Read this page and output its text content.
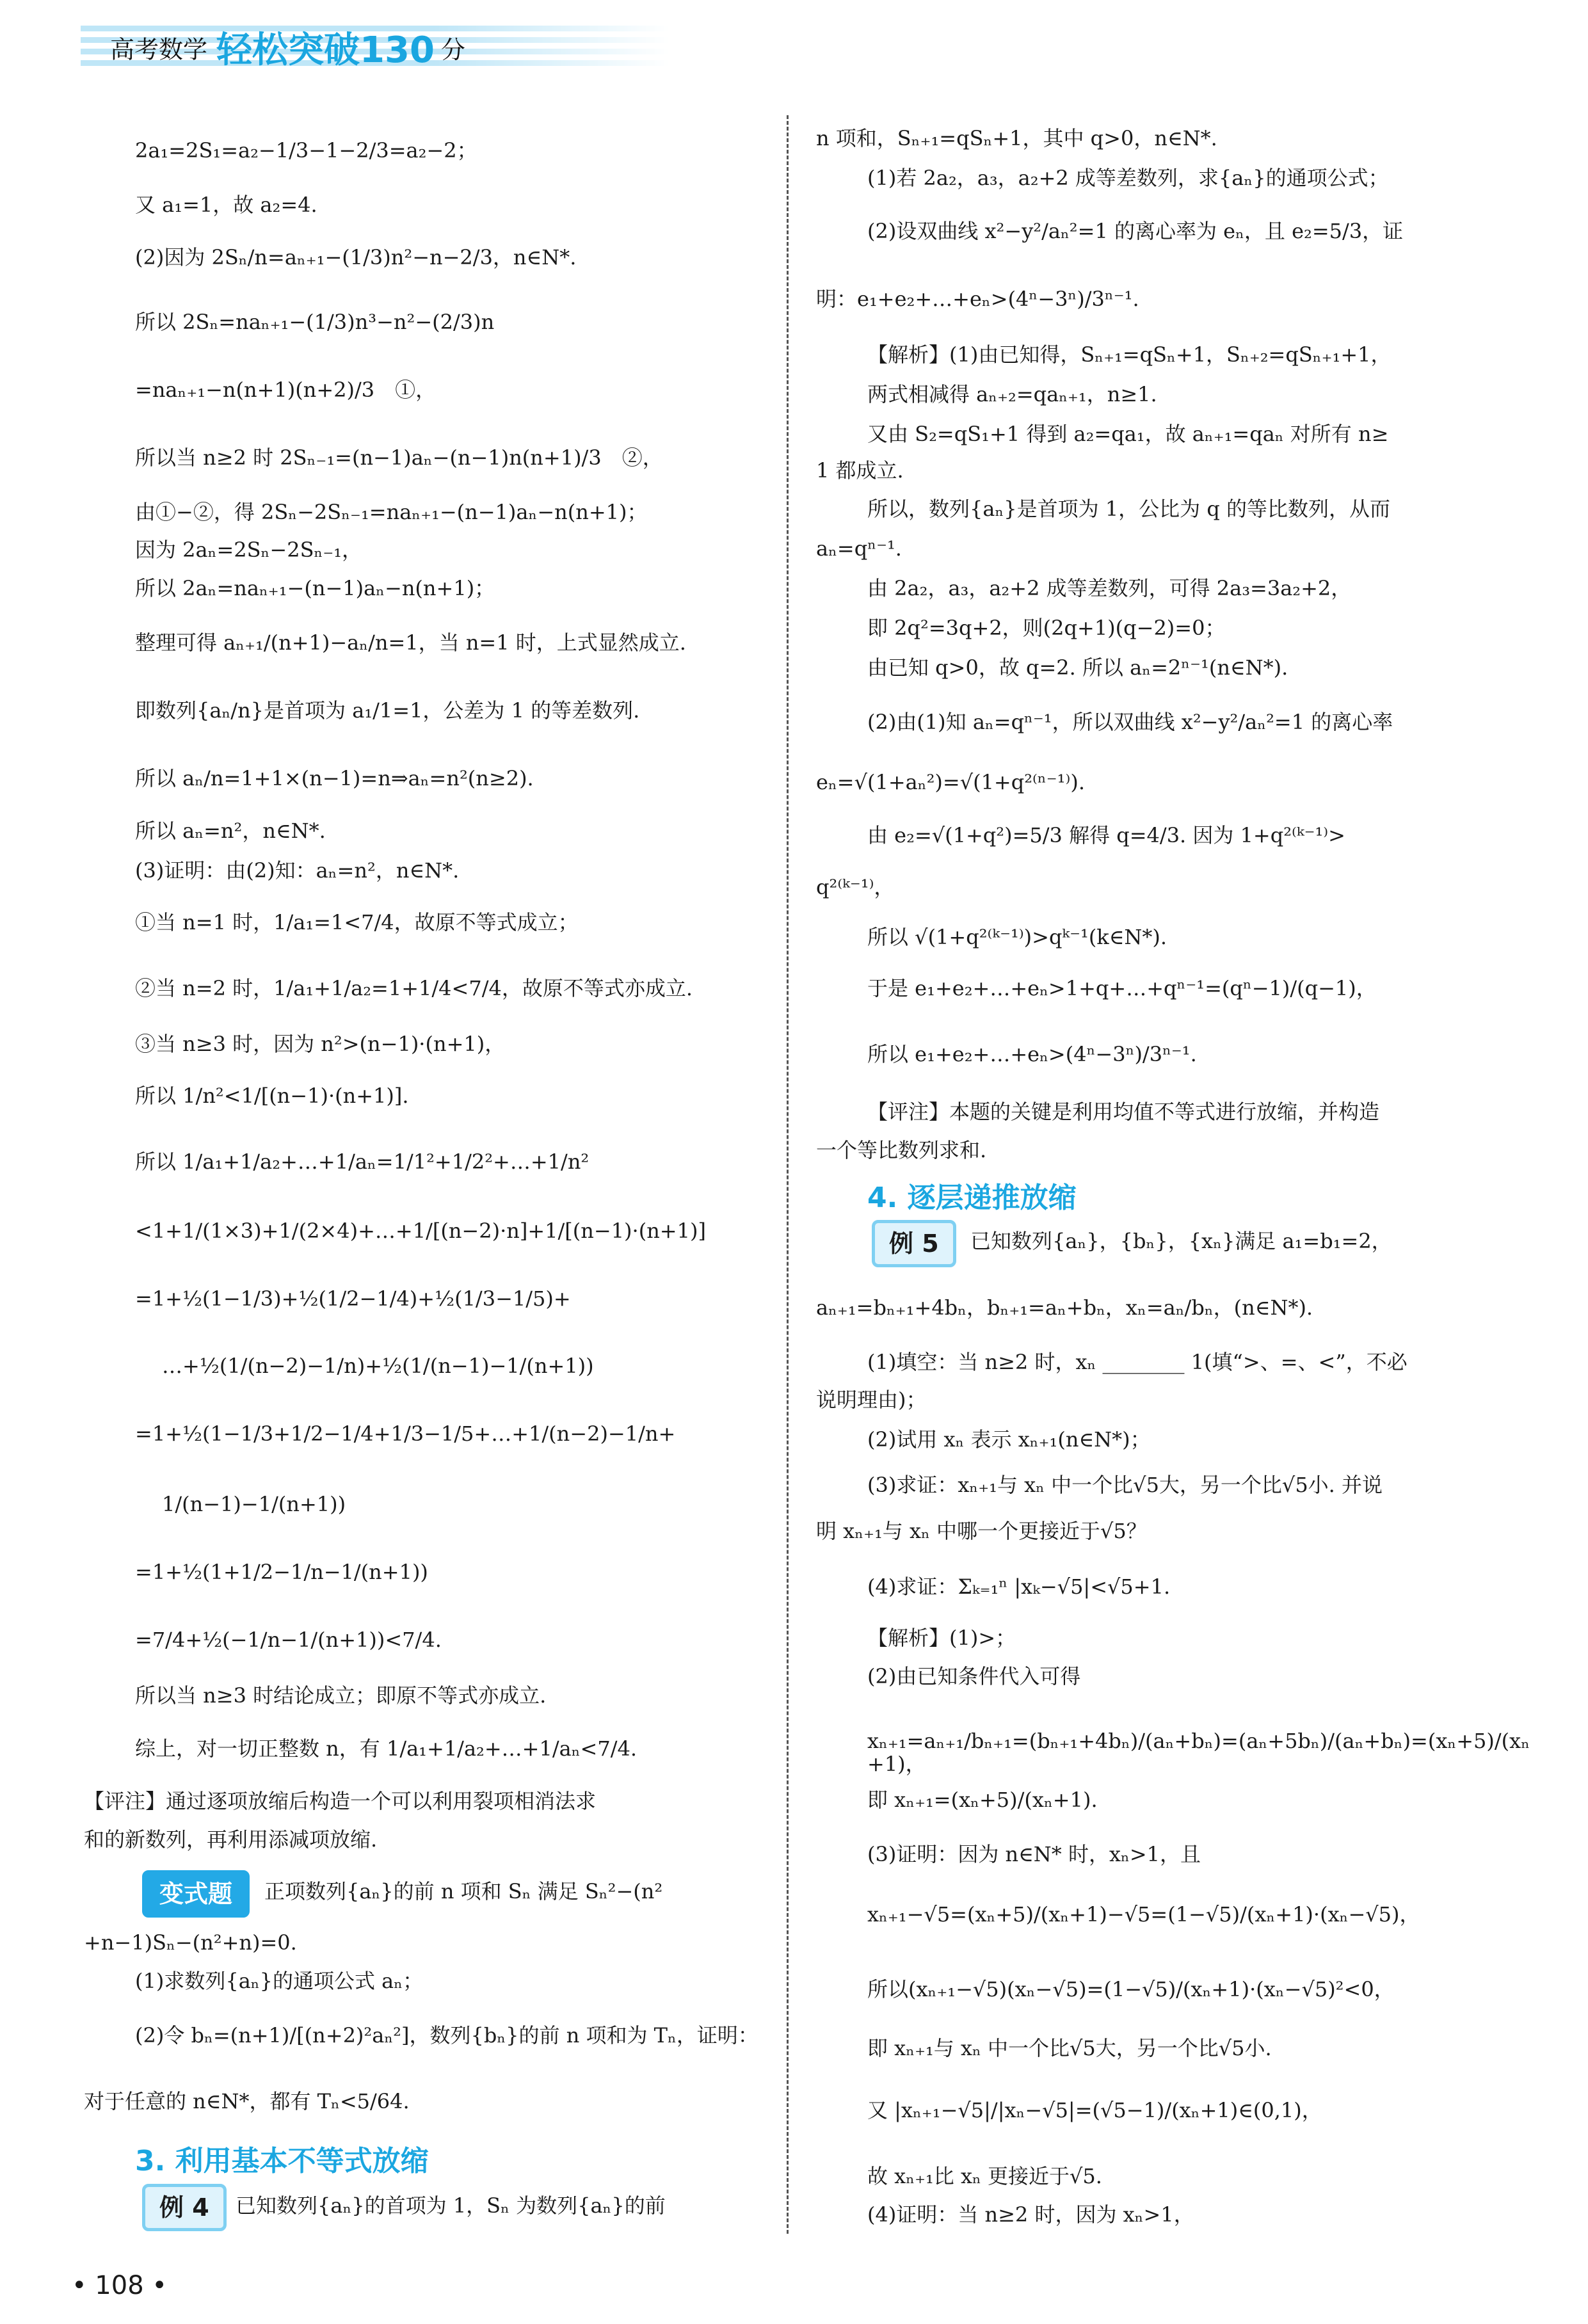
高考数学 轻松突破130 分
2a₁=2S₁=a₂−1/3−1−2/3=a₂−2；
又 a₁=1，故 a₂=4.
(2)因为 2Sₙ/n=aₙ₊₁−(1/3)n²−n−2/3，n∈N*.
所以 2Sₙ=naₙ₊₁−(1/3)n³−n²−(2/3)n
=naₙ₊₁−n(n+1)(n+2)/3　①，
所以当 n≥2 时 2Sₙ₋₁=(n−1)aₙ−(n−1)n(n+1)/3　②，
由①−②，得 2Sₙ−2Sₙ₋₁=naₙ₊₁−(n−1)aₙ−n(n+1)；
因为 2aₙ=2Sₙ−2Sₙ₋₁，
所以 2aₙ=naₙ₊₁−(n−1)aₙ−n(n+1)；
整理可得 aₙ₊₁/(n+1)−aₙ/n=1，当 n=1 时，上式显然成立.
即数列{aₙ/n}是首项为 a₁/1=1，公差为 1 的等差数列.
所以 aₙ/n=1+1×(n−1)=n⇒aₙ=n²(n≥2).
所以 aₙ=n²，n∈N*.
(3)证明：由(2)知：aₙ=n²，n∈N*.
①当 n=1 时，1/a₁=1<7/4，故原不等式成立；
②当 n=2 时，1/a₁+1/a₂=1+1/4<7/4，故原不等式亦成立.
③当 n≥3 时，因为 n²>(n−1)·(n+1)，
所以 1/n²<1/[(n−1)·(n+1)].
所以 1/a₁+1/a₂+…+1/aₙ=1/1²+1/2²+…+1/n²
<1+1/(1×3)+1/(2×4)+…+1/[(n−2)·n]+1/[(n−1)·(n+1)]
=1+½(1−1/3)+½(1/2−1/4)+½(1/3−1/5)+
…+½(1/(n−2)−1/n)+½(1/(n−1)−1/(n+1))
=1+½(1−1/3+1/2−1/4+1/3−1/5+…+1/(n−2)−1/n+
1/(n−1)−1/(n+1))
=1+½(1+1/2−1/n−1/(n+1))
=7/4+½(−1/n−1/(n+1))<7/4.
所以当 n≥3 时结论成立；即原不等式亦成立.
综上，对一切正整数 n，有 1/a₁+1/a₂+…+1/aₙ<7/4.
【评注】通过逐项放缩后构造一个可以利用裂项相消法求
和的新数列，再利用添减项放缩.
正项数列{aₙ}的前 n 项和 Sₙ 满足 Sₙ²−(n²
+n−1)Sₙ−(n²+n)=0.
(1)求数列{aₙ}的通项公式 aₙ；
(2)令 bₙ=(n+1)/[(n+2)²aₙ²]，数列{bₙ}的前 n 项和为 Tₙ，证明：
对于任意的 n∈N*，都有 Tₙ<5/64.
已知数列{aₙ}的首项为 1，Sₙ 为数列{aₙ}的前
n 项和，Sₙ₊₁=qSₙ+1，其中 q>0，n∈N*.
(1)若 2a₂，a₃，a₂+2 成等差数列，求{aₙ}的通项公式；
(2)设双曲线 x²−y²/aₙ²=1 的离心率为 eₙ，且 e₂=5/3，证
明：e₁+e₂+…+eₙ>(4ⁿ−3ⁿ)/3ⁿ⁻¹.
【解析】(1)由已知得，Sₙ₊₁=qSₙ+1，Sₙ₊₂=qSₙ₊₁+1，
两式相减得 aₙ₊₂=qaₙ₊₁，n≥1.
又由 S₂=qS₁+1 得到 a₂=qa₁，故 aₙ₊₁=qaₙ 对所有 n≥
1 都成立.
所以，数列{aₙ}是首项为 1，公比为 q 的等比数列，从而
aₙ=qⁿ⁻¹.
由 2a₂，a₃，a₂+2 成等差数列，可得 2a₃=3a₂+2，
即 2q²=3q+2，则(2q+1)(q−2)=0；
由已知 q>0，故 q=2. 所以 aₙ=2ⁿ⁻¹(n∈N*).
(2)由(1)知 aₙ=qⁿ⁻¹，所以双曲线 x²−y²/aₙ²=1 的离心率
eₙ=√(1+aₙ²)=√(1+q²⁽ⁿ⁻¹⁾).
由 e₂=√(1+q²)=5/3 解得 q=4/3. 因为 1+q²⁽ᵏ⁻¹⁾>
q²⁽ᵏ⁻¹⁾，
所以 √(1+q²⁽ᵏ⁻¹⁾)>qᵏ⁻¹(k∈N*).
于是 e₁+e₂+…+eₙ>1+q+…+qⁿ⁻¹=(qⁿ−1)/(q−1)，
所以 e₁+e₂+…+eₙ>(4ⁿ−3ⁿ)/3ⁿ⁻¹.
【评注】本题的关键是利用均值不等式进行放缩，并构造
一个等比数列求和.
已知数列{aₙ}，{bₙ}，{xₙ}满足 a₁=b₁=2，
aₙ₊₁=bₙ₊₁+4bₙ，bₙ₊₁=aₙ+bₙ，xₙ=aₙ/bₙ，(n∈N*).
(1)填空：当 n≥2 时，xₙ ________ 1(填“>、=、<”，不必
说明理由)；
(2)试用 xₙ 表示 xₙ₊₁(n∈N*)；
(3)求证：xₙ₊₁与 xₙ 中一个比√5大，另一个比√5小. 并说
明 xₙ₊₁与 xₙ 中哪一个更接近于√5？
(4)求证：Σₖ₌₁ⁿ |xₖ−√5|<√5+1.
【解析】(1)>；
(2)由已知条件代入可得
xₙ₊₁=aₙ₊₁/bₙ₊₁=(bₙ₊₁+4bₙ)/(aₙ+bₙ)=(aₙ+5bₙ)/(aₙ+bₙ)=(xₙ+5)/(xₙ+1)，
即 xₙ₊₁=(xₙ+5)/(xₙ+1).
(3)证明：因为 n∈N* 时，xₙ>1，且
xₙ₊₁−√5=(xₙ+5)/(xₙ+1)−√5=(1−√5)/(xₙ+1)·(xₙ−√5)，
所以(xₙ₊₁−√5)(xₙ−√5)=(1−√5)/(xₙ+1)·(xₙ−√5)²<0，
即 xₙ₊₁与 xₙ 中一个比√5大，另一个比√5小.
又 |xₙ₊₁−√5|/|xₙ−√5|=(√5−1)/(xₙ+1)∈(0,1)，
故 xₙ₊₁比 xₙ 更接近于√5.
(4)证明：当 n≥2 时，因为 xₙ>1，
变式题
3. 利用基本不等式放缩
例 4
4. 逐层递推放缩
例 5
• 108 •
